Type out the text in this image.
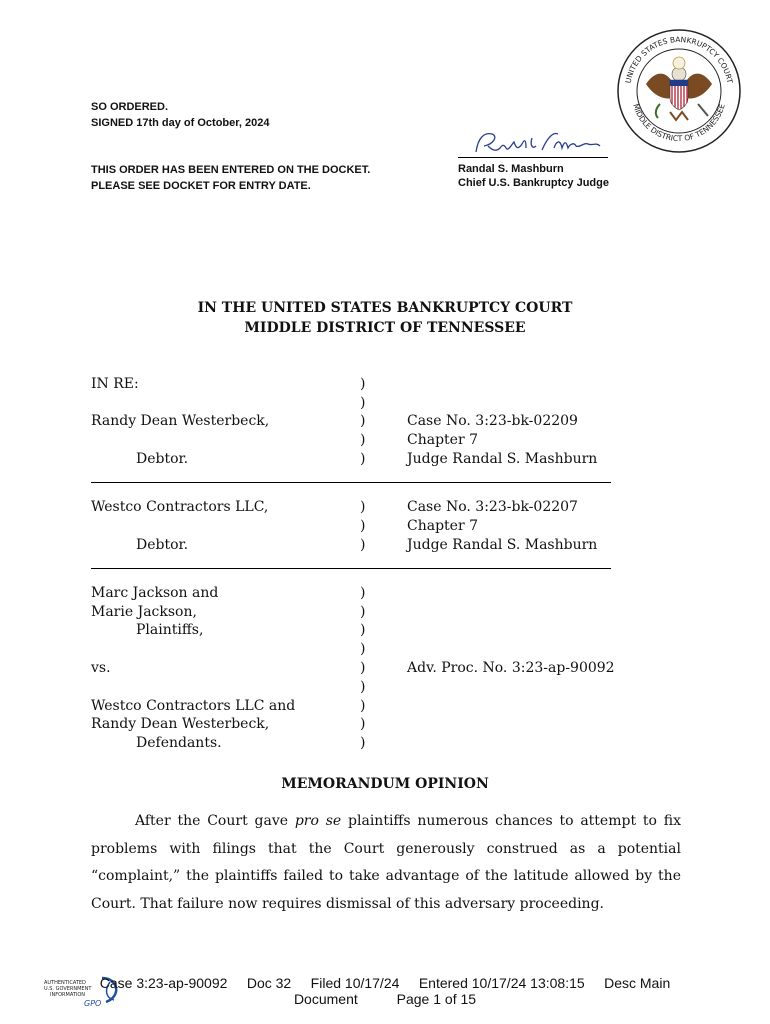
SO ORDERED.
SIGNED 17th day of October, 2024
THIS ORDER HAS BEEN ENTERED ON THE DOCKET.
PLEASE SEE DOCKET FOR ENTRY DATE.
Randal S. Mashburn
Chief U.S. Bankruptcy Judge
UNITED STATES BANKRUPTCY COURT
MIDDLE DISTRICT OF TENNESSEE
IN THE UNITED STATES BANKRUPTCY COURT
MIDDLE DISTRICT OF TENNESSEE
IN RE:
Randy Dean Westerbeck,
Debtor.
Case No. 3:23-bk-02209
Chapter 7
Judge Randal S. Mashburn
)
)
)
)
)
Westco Contractors LLC,
Debtor.
Case No. 3:23-bk-02207
Chapter 7
Judge Randal S. Mashburn
)
)
)
Marc Jackson and
Marie Jackson,
Plaintiffs,
vs.	Adv. Proc. No. 3:23-ap-90092
Westco Contractors LLC and
Randy Dean Westerbeck,
Defendants.
)
)
)
)
)
)
)
)
)
MEMORANDUM OPINION
After the Court gave pro se plaintiffs numerous chances to attempt to fix problems with filings that the Court generously construed as a potential “complaint,” the plaintiffs failed to take advantage of the latitude allowed by the Court. That failure now requires dismissal of this adversary proceeding.
AUTHENTICATED
U.S. GOVERNMENT
INFORMATION
GPO
Case 3:23-ap-90092     Doc 32     Filed 10/17/24     Entered 10/17/24 13:08:15     Desc Main
Document          Page 1 of 15
